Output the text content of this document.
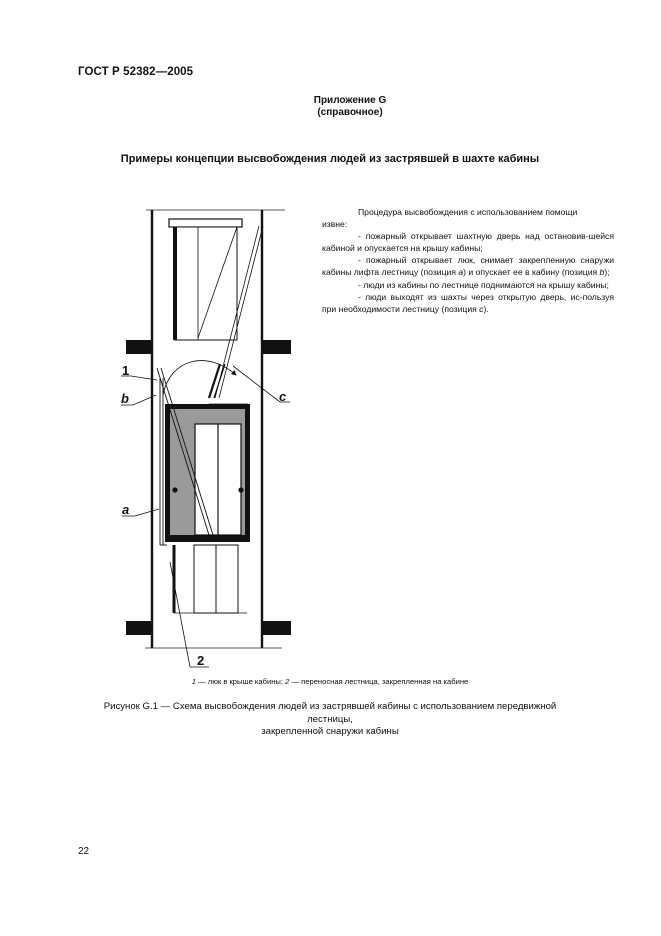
ГОСТ Р 52382—2005
Приложение G
(справочное)
Примеры концепции высвобождения людей из застрявшей в шахте кабины

Процедура высвобождения с использованием помощи

извне:

- пожарный открывает шахтную дверь над остановив-шейся кабиной и опускается на крышу кабины;

- пожарный открывает люк, снимает закрепленную снаружи кабины лифта лестницу (позиция а) и опускает ее в кабину (позиция b);

- люди из кабины по лестнице поднимаются на крышу кабины;

- люди выходят из шахты через открытую дверь, ис-пользуя при необходимости лестницу (позиция c).

1
b	c
a
2
1 — люк в крыше кабины; 2 — переносная лестница, закрепленная на кабине
Рисунок G.1 — Схема высвобождения людей из застрявшей кабины с использованием передвижной лестницы,
закрепленной снаружи кабины
22
